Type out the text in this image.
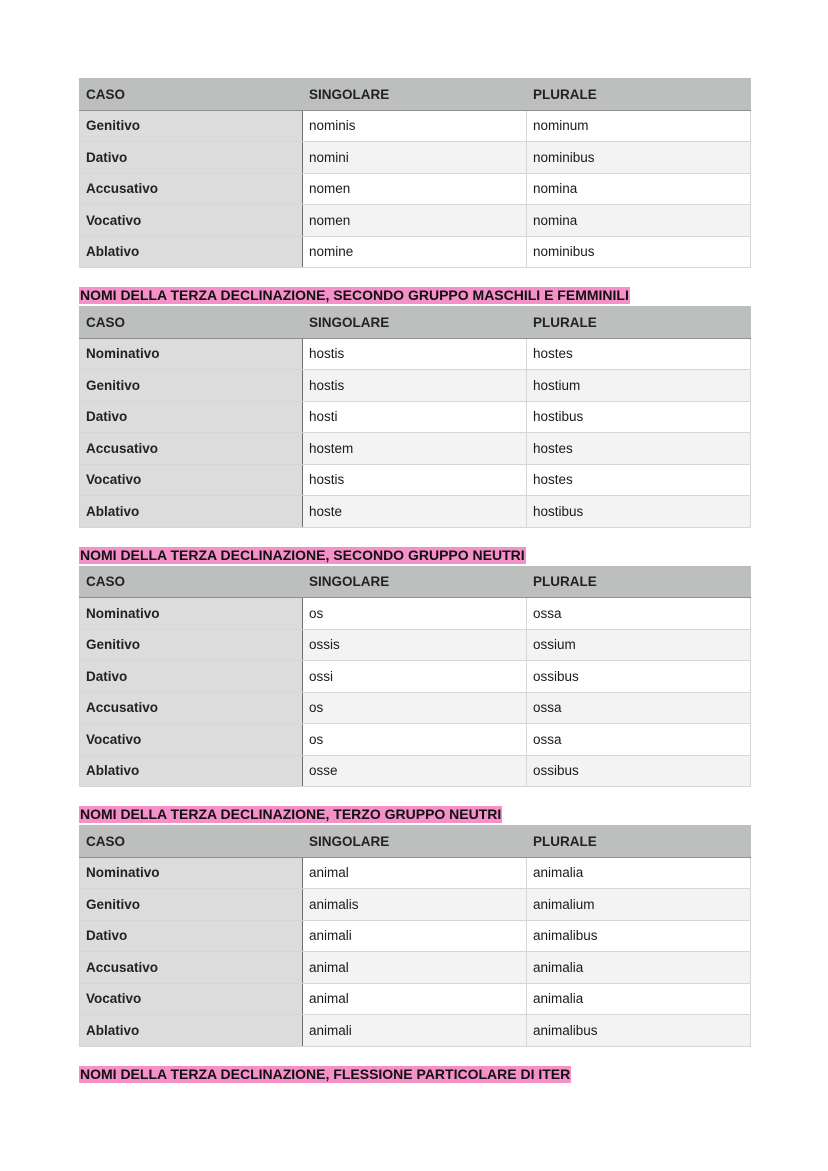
CASO	SINGOLARE	PLURALE
Genitivo	nominis	nominum
Dativo	nomini	nominibus
Accusativo	nomen	nomina
Vocativo	nomen	nomina
Ablativo	nomine	nominibus
NOMI DELLA TERZA DECLINAZIONE, SECONDO GRUPPO MASCHILI E FEMMINILI
CASO	SINGOLARE	PLURALE
Nominativo	hostis	hostes
Genitivo	hostis	hostium
Dativo	hosti	hostibus
Accusativo	hostem	hostes
Vocativo	hostis	hostes
Ablativo	hoste	hostibus
NOMI DELLA TERZA DECLINAZIONE, SECONDO GRUPPO NEUTRI
CASO	SINGOLARE	PLURALE
Nominativo	os	ossa
Genitivo	ossis	ossium
Dativo	ossi	ossibus
Accusativo	os	ossa
Vocativo	os	ossa
Ablativo	osse	ossibus
NOMI DELLA TERZA DECLINAZIONE, TERZO GRUPPO NEUTRI
CASO	SINGOLARE	PLURALE
Nominativo	animal	animalia
Genitivo	animalis	animalium
Dativo	animali	animalibus
Accusativo	animal	animalia
Vocativo	animal	animalia
Ablativo	animali	animalibus
NOMI DELLA TERZA DECLINAZIONE, FLESSIONE PARTICOLARE DI ITER
